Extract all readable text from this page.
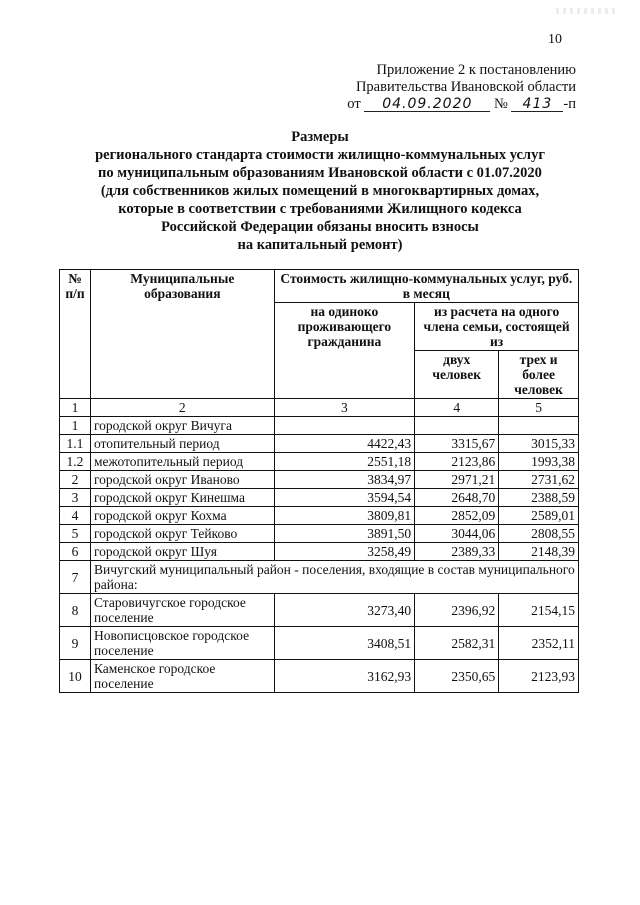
10
Приложение 2 к постановлению
Правительства Ивановской области
от 04.09.2020 № 413 -п
Размеры
регионального стандарта стоимости жилищно-коммунальных услуг
по муниципальным образованиям Ивановской области с 01.07.2020
(для собственников жилых помещений в многоквартирных домах,
которые в соответствии с требованиями Жилищного кодекса
Российской Федерации обязаны вносить взносы
на капитальный ремонт)
№ п/п	Муниципальные образования	Стоимость жилищно-коммунальных услуг, руб. в месяц		
		на одиноко проживающего гражданина	из расчета на одного члена семьи, состоящей из	
			двух человек	трех и более человек
1	2	3	4	5
1	городской округ Вичуга			
1.1	отопительный период	4422,43	3315,67	3015,33
1.2	межотопительный период	2551,18	2123,86	1993,38
2	городской округ Иваново	3834,97	2971,21	2731,62
3	городской округ Кинешма	3594,54	2648,70	2388,59
4	городской округ Кохма	3809,81	2852,09	2589,01
5	городской округ Тейково	3891,50	3044,06	2808,55
6	городской округ Шуя	3258,49	2389,33	2148,39
7	Вичугский муниципальный район - поселения, входящие в состав муниципального района:			
8	Старовичугское городское поселение	3273,40	2396,92	2154,15
9	Новописцовское городское поселение	3408,51	2582,31	2352,11
10	Каменское городское поселение	3162,93	2350,65	2123,93
